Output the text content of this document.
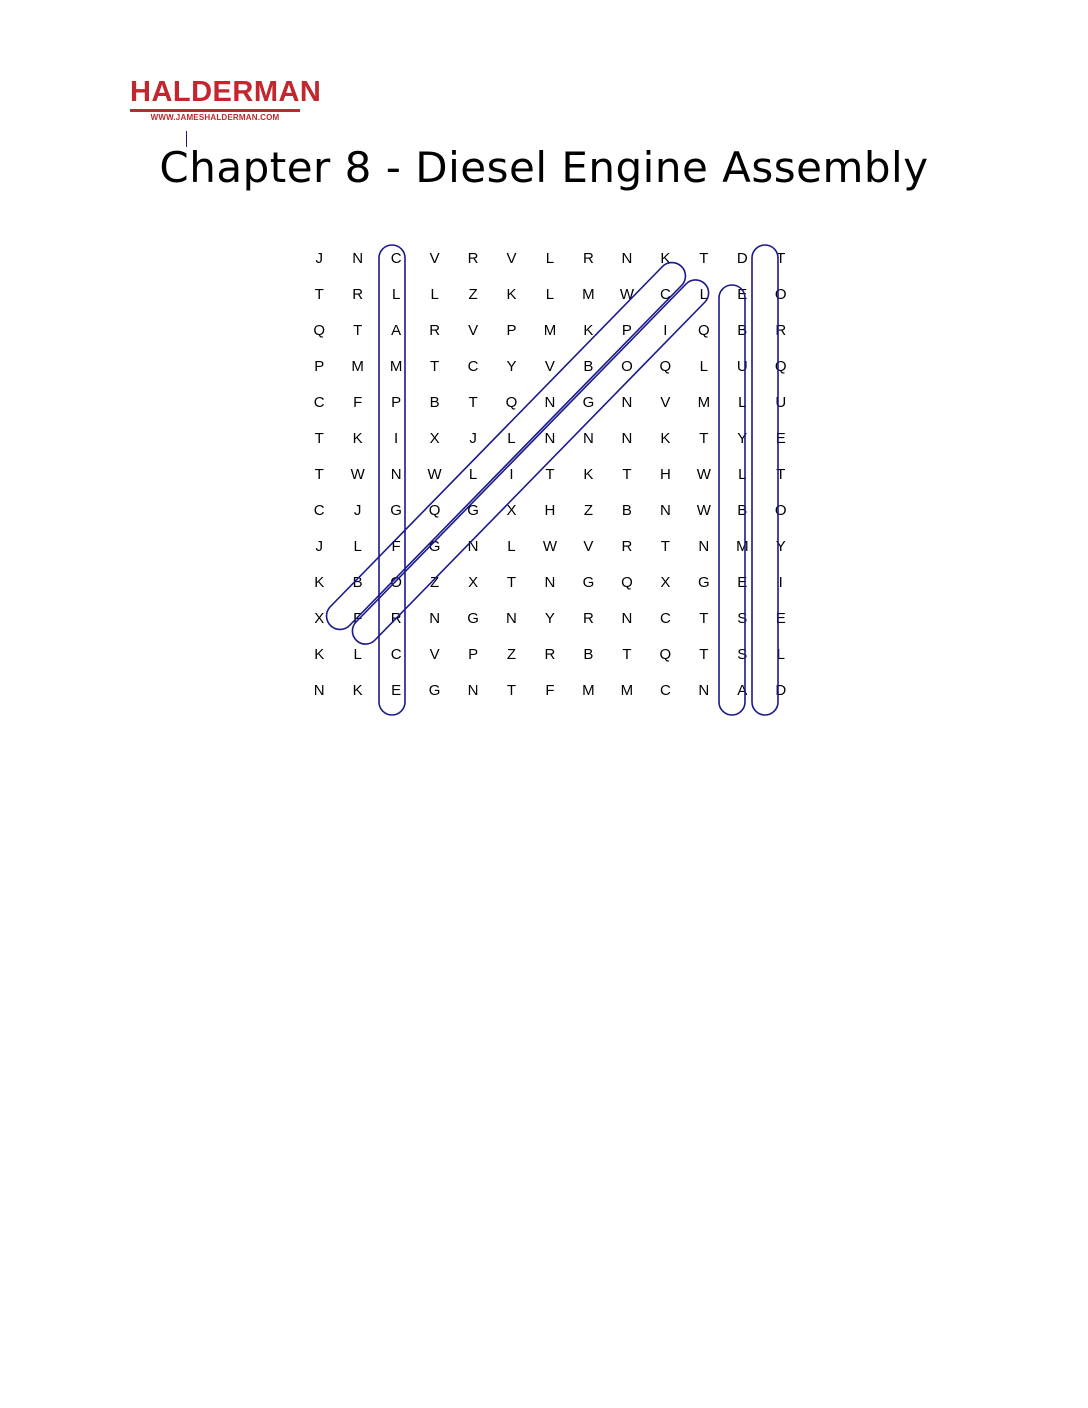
HALDERMAN
WWW.JAMESHALDERMAN.COM
Chapter 8 - Diesel Engine Assembly
J	N	C	V	R	V	L	R	N	K	T	D	T
T	R	L	L	Z	K	L	M	W	C	L	E	O
Q	T	A	R	V	P	M	K	P	I	Q	B	R
P	M	M	T	C	Y	V	B	O	Q	L	U	Q
C	F	P	B	T	Q	N	G	N	V	M	L	U
T	K	I	X	J	L	N	N	N	K	T	Y	E
T	W	N	W	L	I	T	K	T	H	W	L	T
C	J	G	Q	G	X	H	Z	B	N	W	B	O
J	L	F	G	N	L	W	V	R	T	N	M	Y
K	B	O	Z	X	T	N	G	Q	X	G	E	I
X	F	R	N	G	N	Y	R	N	C	T	S	E
K	L	C	V	P	Z	R	B	T	Q	T	S	L
N	K	E	G	N	T	F	M	M	C	N	A	D
